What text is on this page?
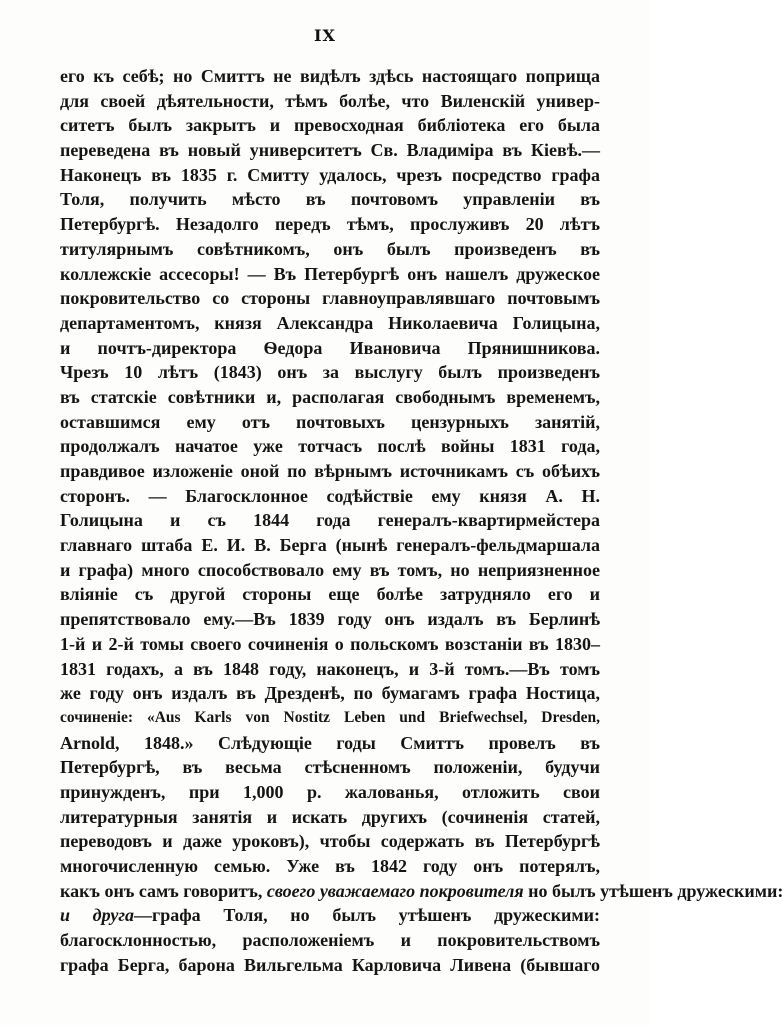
IX
его къ себѣ; но Смиттъ не видѣлъ здѣсь настоящаго поприща
для своей дѣятельности, тѣмъ болѣе, что Виленскій универ-
ситетъ былъ закрытъ и превосходная библіотека его была
переведена въ новый университетъ Св. Владиміра въ Кіевѣ.—
Наконецъ въ 1835 г. Смитту удалось, чрезъ посредство графа
Толя, получить мѣсто въ почтовомъ управленіи въ
Петербургѣ. Незадолго передъ тѣмъ, прослуживъ 20 лѣтъ
титулярнымъ совѣтникомъ, онъ былъ произведенъ въ
коллежскіе ассесоры! — Въ Петербургѣ онъ нашелъ дружеское
покровительство со стороны главноуправлявшаго почтовымъ
департаментомъ, князя Александра Николаевича Голицына,
и почтъ-директора Ѳедора Ивановича Прянишникова.
Чрезъ 10 лѣтъ (1843) онъ за выслугу былъ произведенъ
въ статскіе совѣтники и, располагая свободнымъ временемъ,
оставшимся ему отъ почтовыхъ цензурныхъ занятій,
продолжалъ начатое уже тотчасъ послѣ войны 1831 года,
правдивое изложеніе оной по вѣрнымъ источникамъ съ обѣихъ
сторонъ. — Благосклонное содѣйствіе ему князя А. Н.
Голицына и съ 1844 года генералъ-квартирмейстера
главнаго штаба Е. И. В. Берга (нынѣ генералъ-фельдмаршала
и графа) много способствовало ему въ томъ, но неприязненное
вліяніе съ другой стороны еще болѣе затрудняло его и
препятствовало ему.—Въ 1839 году онъ издалъ въ Берлинѣ
1-й и 2-й томы своего сочиненія о польскомъ возстаніи въ 1830–
1831 годахъ, а въ 1848 году, наконецъ, и 3-й томъ.—Въ томъ
же году онъ издалъ въ Дрезденѣ, по бумагамъ графа Ностица,
сочиненіе: «Aus Karls von Nostitz Leben und Briefwechsel, Dresden,
Arnold, 1848.» Слѣдующіе годы Смиттъ провелъ въ
Петербургѣ, въ весьма стѣсненномъ положеніи, будучи
принужденъ, при 1,000 р. жалованья, отложить свои
литературныя занятія и искать другихъ (сочиненія статей,
переводовъ и даже уроковъ), чтобы содержать въ Петербургѣ
многочисленную семью. Уже въ 1842 году онъ потерялъ,
какъ онъ самъ говоритъ, своего уважаемаго покровителя но былъ утѣшенъ дружескими:
и друга—графа Толя, но былъ утѣшенъ дружескими:
благосклонностью, расположеніемъ и покровительствомъ
графа Берга, барона Вильгельма Карловича Ливена (бывшаго
